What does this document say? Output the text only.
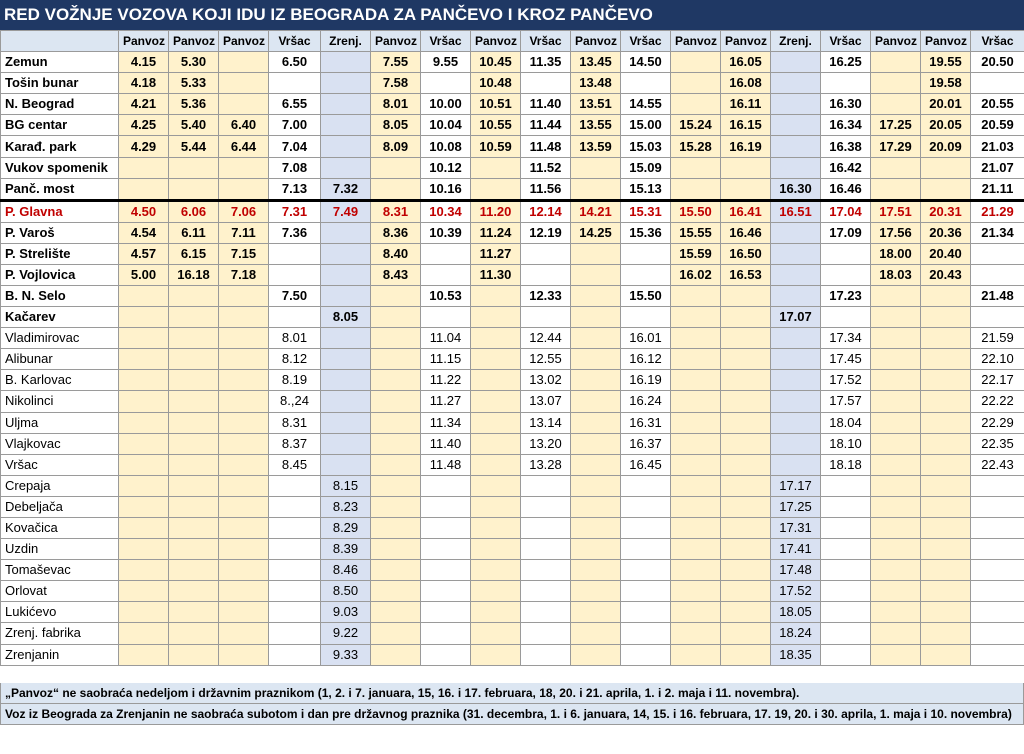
RED VOŽNJE VOZOVA KOJI IDU IZ BEOGRADA ZA PANČEVO I KROZ PANČEVO
	Panvoz	Panvoz	Panvoz	Vršac	Zrenj.	Panvoz	Vršac	Panvoz	Vršac	Panvoz	Vršac	Panvoz	Panvoz	Zrenj.	Vršac	Panvoz	Panvoz	Vršac
Zemun	4.15	5.30		6.50		7.55	9.55	10.45	11.35	13.45	14.50		16.05		16.25		19.55	20.50
Tošin bunar	4.18	5.33				7.58		10.48		13.48			16.08				19.58	
N. Beograd	4.21	5.36		6.55		8.01	10.00	10.51	11.40	13.51	14.55		16.11		16.30		20.01	20.55
BG centar	4.25	5.40	6.40	7.00		8.05	10.04	10.55	11.44	13.55	15.00	15.24	16.15		16.34	17.25	20.05	20.59
Karađ. park	4.29	5.44	6.44	7.04		8.09	10.08	10.59	11.48	13.59	15.03	15.28	16.19		16.38	17.29	20.09	21.03
Vukov spomenik				7.08			10.12		11.52		15.09				16.42			21.07
Panč. most				7.13	7.32		10.16		11.56		15.13			16.30	16.46			21.11
P. Glavna	4.50	6.06	7.06	7.31	7.49	8.31	10.34	11.20	12.14	14.21	15.31	15.50	16.41	16.51	17.04	17.51	20.31	21.29
P. Varoš	4.54	6.11	7.11	7.36		8.36	10.39	11.24	12.19	14.25	15.36	15.55	16.46		17.09	17.56	20.36	21.34
P. Strelište	4.57	6.15	7.15			8.40		11.27				15.59	16.50			18.00	20.40	
P. Vojlovica	5.00	16.18	7.18			8.43		11.30				16.02	16.53			18.03	20.43	
B. N. Selo				7.50			10.53		12.33		15.50				17.23			21.48
Kačarev					8.05									17.07				
Vladimirovac				8.01			11.04		12.44		16.01				17.34			21.59
Alibunar				8.12			11.15		12.55		16.12				17.45			22.10
B. Karlovac				8.19			11.22		13.02		16.19				17.52			22.17
Nikolinci				8.,24			11.27		13.07		16.24				17.57			22.22
Uljma				8.31			11.34		13.14		16.31				18.04			22.29
Vlajkovac				8.37			11.40		13.20		16.37				18.10			22.35
Vršac				8.45			11.48		13.28		16.45				18.18			22.43
Crepaja					8.15									17.17				
Debeljača					8.23									17.25				
Kovačica					8.29									17.31				
Uzdin					8.39									17.41				
Tomaševac					8.46									17.48				
Orlovat					8.50									17.52				
Lukićevo					9.03									18.05				
Zrenj. fabrika					9.22									18.24				
Zrenjanin					9.33									18.35				
„Panvoz“ ne saobraća nedeljom i državnim praznikom (1, 2. i 7. januara, 15, 16. i 17. februara, 18, 20. i 21. aprila, 1. i 2. maja i 11. novembra).
Voz iz Beograda za Zrenjanin ne saobraća subotom i dan pre državnog praznika (31. decembra, 1. i 6. januara, 14, 15. i 16. februara, 17. 19, 20. i 30. aprila, 1. maja i 10. novembra)
